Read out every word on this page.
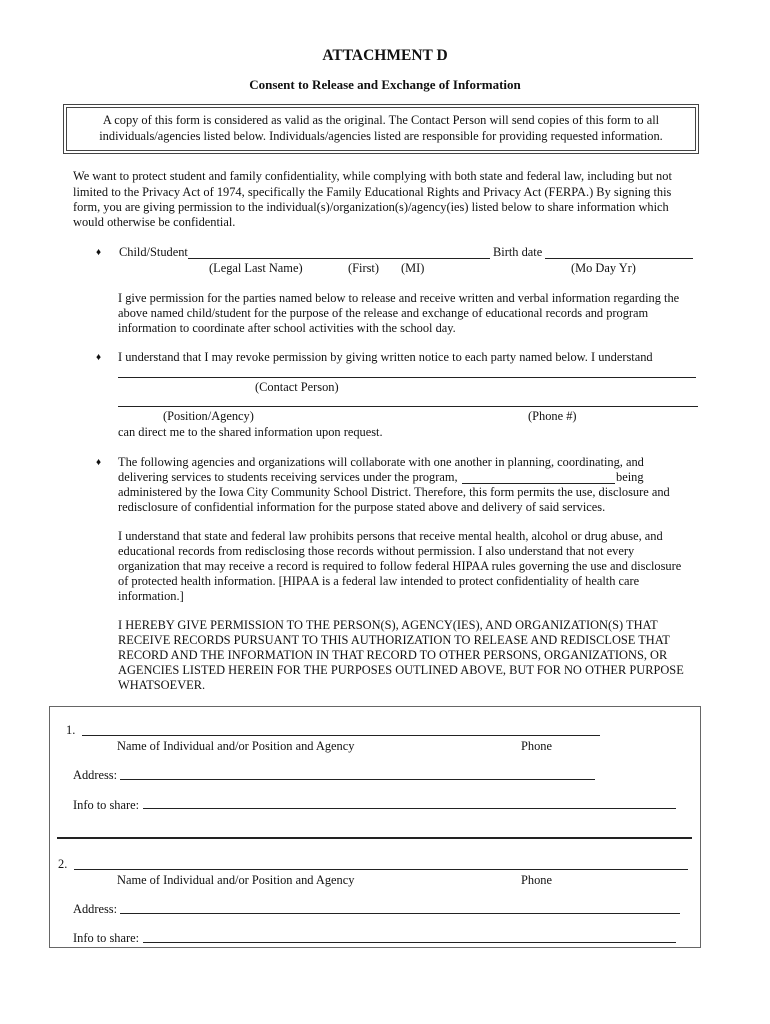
ATTACHMENT D
Consent to Release and Exchange of Information
A copy of this form is considered as valid as the original. The Contact Person will send copies of this form to all
individuals/agencies listed below. Individuals/agencies listed are responsible for providing requested information.
We want to protect student and family confidentiality, while complying with both state and federal law, including but not
limited to the Privacy Act of 1974, specifically the Family Educational Rights and Privacy Act (FERPA.) By signing this
form, you are giving permission to the individual(s)/organization(s)/agency(ies) listed below to share information which
would otherwise be confidential.
♦ Child/Student	Birth date
(Legal Last Name)	(First) (MI)	(Mo Day Yr)
I give permission for the parties named below to release and receive written and verbal information regarding the
above named child/student for the purpose of the release and exchange of educational records and program
information to coordinate after school activities with the school day.
♦ I understand that I may revoke permission by giving written notice to each party named below. I understand
(Contact Person)
(Position/Agency)	(Phone #)
can direct me to the shared information upon request.
♦ The following agencies and organizations will collaborate with one another in planning, coordinating, and
delivering services to students receiving services under the program,	being
administered by the Iowa City Community School District. Therefore, this form permits the use, disclosure and
redisclosure of confidential information for the purpose stated above and delivery of said services.
I understand that state and federal law prohibits persons that receive mental health, alcohol or drug abuse, and
educational records from redisclosing those records without permission. I also understand that not every
organization that may receive a record is required to follow federal HIPAA rules governing the use and disclosure
of protected health information. [HIPAA is a federal law intended to protect confidentiality of health care
information.]
I HEREBY GIVE PERMISSION TO THE PERSON(S), AGENCY(IES), AND ORGANIZATION(S) THAT
RECEIVE RECORDS PURSUANT TO THIS AUTHORIZATION TO RELEASE AND REDISCLOSE THAT
RECORD AND THE INFORMATION IN THAT RECORD TO OTHER PERSONS, ORGANIZATIONS, OR
AGENCIES LISTED HEREIN FOR THE PURPOSES OUTLINED ABOVE, BUT FOR NO OTHER PURPOSE
WHATSOEVER.
1.
Name of Individual and/or Position and Agency	Phone
Address:
Info to share:
2.
Name of Individual and/or Position and Agency	Phone
Address:
Info to share:
